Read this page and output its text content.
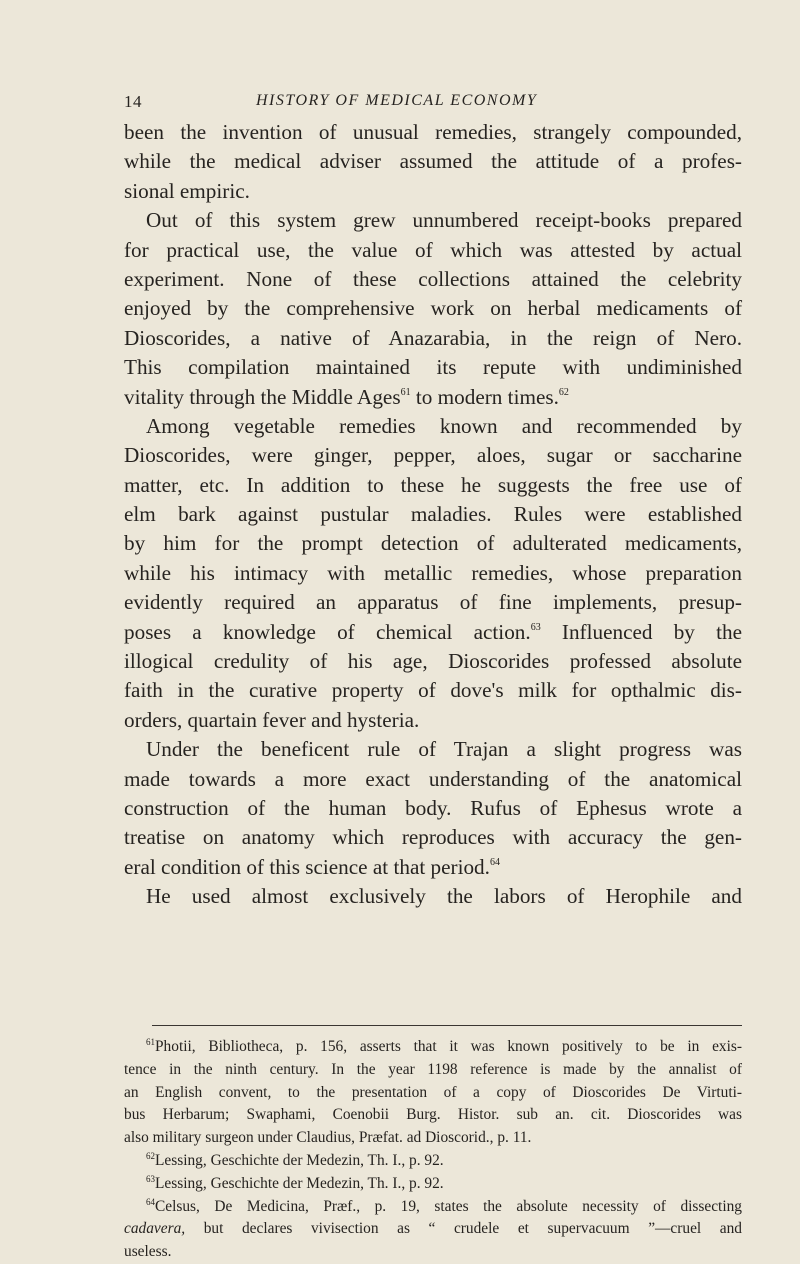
14	HISTORY OF MEDICAL ECONOMY
been the invention of unusual remedies, strangely compounded,
while the medical adviser assumed the attitude of a profes-
sional empiric.
Out of this system grew unnumbered receipt-books prepared
for practical use, the value of which was attested by actual
experiment. None of these collections attained the celebrity
enjoyed by the comprehensive work on herbal medicaments of
Dioscorides, a native of Anazarabia, in the reign of Nero.
This compilation maintained its repute with undiminished
vitality through the Middle Ages$^{61}$ to modern times.$^{62}$
Among vegetable remedies known and recommended by
Dioscorides, were ginger, pepper, aloes, sugar or saccharine
matter, etc. In addition to these he suggests the free use of
elm bark against pustular maladies. Rules were established
by him for the prompt detection of adulterated medicaments,
while his intimacy with metallic remedies, whose preparation
evidently required an apparatus of fine implements, presup-
poses a knowledge of chemical action.$^{63}$ Influenced by the
illogical credulity of his age, Dioscorides professed absolute
faith in the curative property of dove's milk for opthalmic dis-
orders, quartain fever and hysteria.
Under the beneficent rule of Trajan a slight progress was
made towards a more exact understanding of the anatomical
construction of the human body. Rufus of Ephesus wrote a
treatise on anatomy which reproduces with accuracy the gen-
eral condition of this science at that period.$^{64}$
He used almost exclusively the labors of Herophile and
$^{61}$Photii, Bibliotheca, p. 156, asserts that it was known positively to be in exis-
tence in the ninth century. In the year 1198 reference is made by the annalist of
an English convent, to the presentation of a copy of Dioscorides De Virtuti-
bus Herbarum; Swaphami, Coenobii Burg. Histor. sub an. cit. Dioscorides was
also military surgeon under Claudius, Præfat. ad Dioscorid., p. 11.
$^{62}$Lessing, Geschichte der Medezin, Th. I., p. 92.
$^{63}$Lessing, Geschichte der Medezin, Th. I., p. 92.
$^{64}$Celsus, De Medicina, Præf., p. 19, states the absolute necessity of dissecting
cadavera, but declares vivisection as “ crudele et supervacuum ”—cruel and
useless.
